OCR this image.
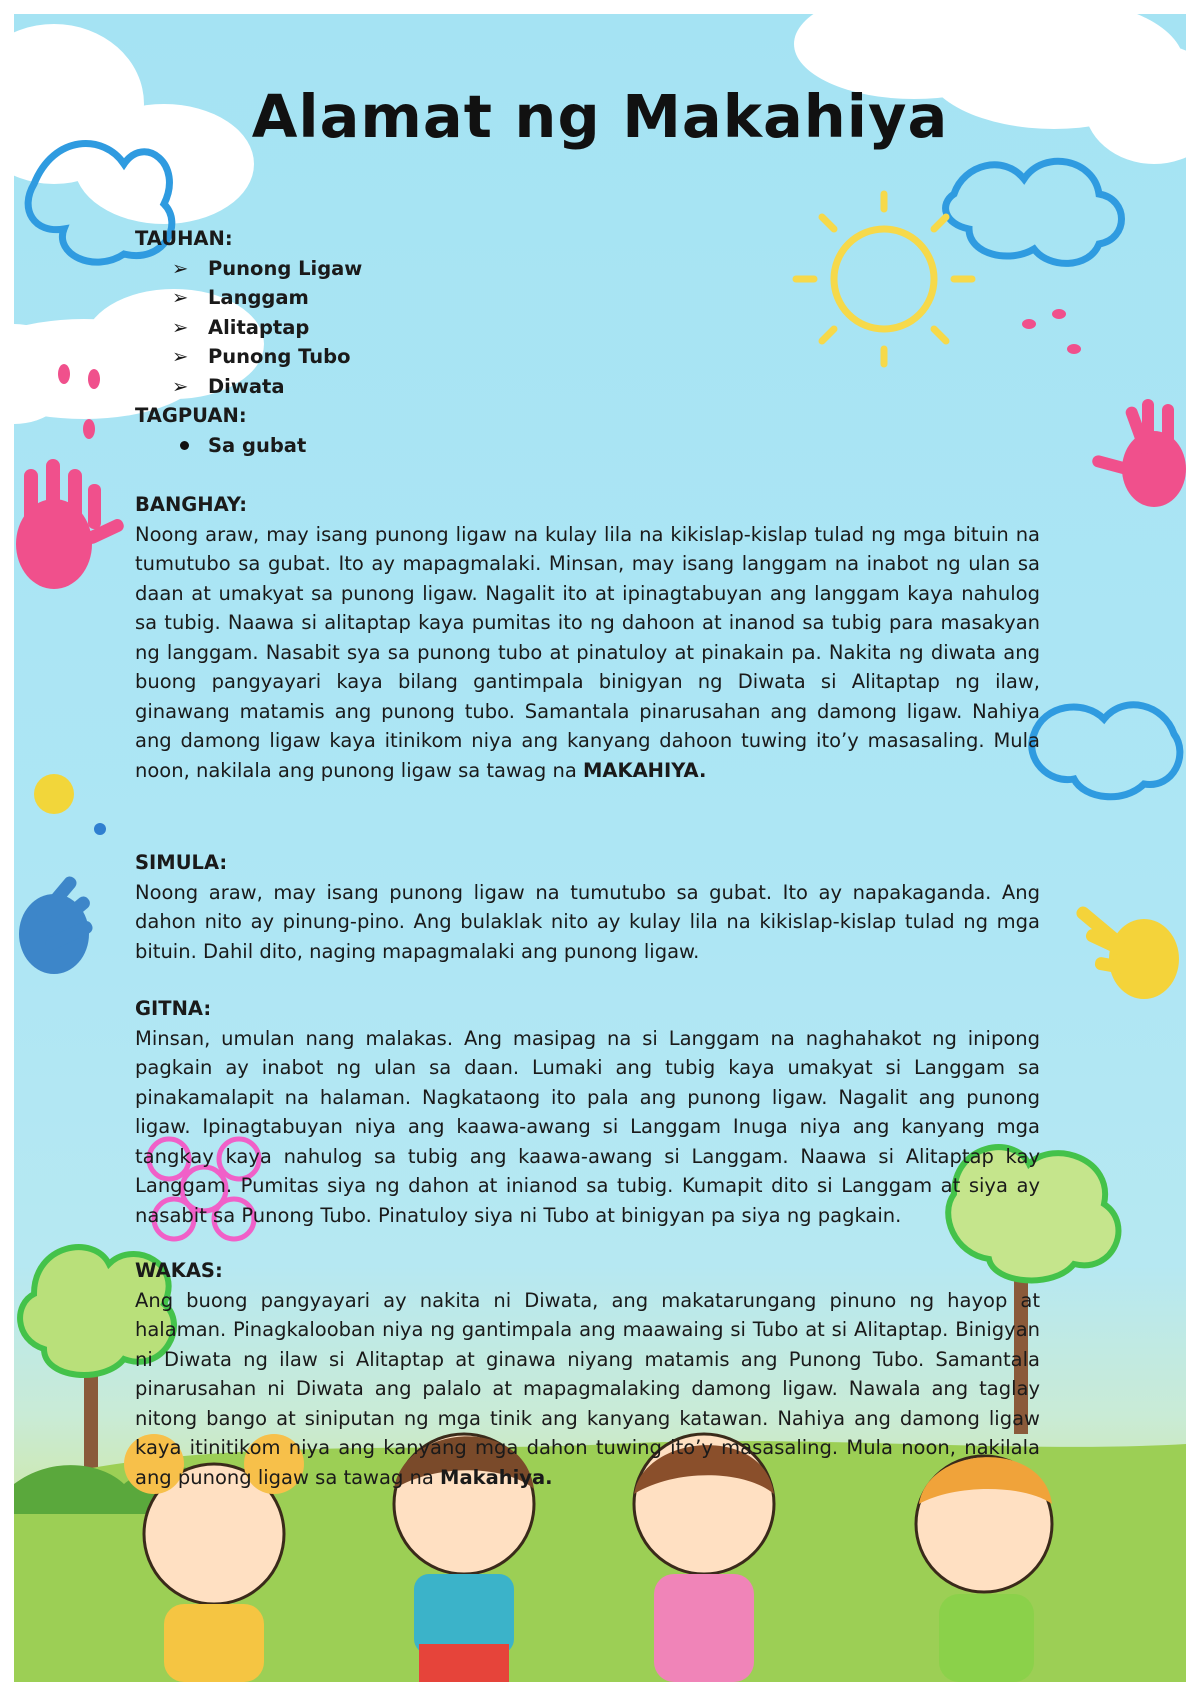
Alamat ng Makahiya
TAUHAN:
➢ Punong Ligaw
➢ Langgam
➢ Alitaptap
➢ Punong Tubo
➢ Diwata
TAGPUAN:
Sa gubat
BANGHAY:

Noong araw, may isang punong ligaw na kulay lila na kikislap-kislap tulad ng mga bituin na tumutubo sa gubat. Ito ay mapagmalaki. Minsan, may isang langgam na inabot ng ulan sa daan at umakyat sa punong ligaw. Nagalit ito at ipinagtabuyan ang langgam kaya nahulog sa tubig. Naawa si alitaptap kaya pumitas ito ng dahoon at inanod sa tubig para masakyan ng langgam. Nasabit sya sa punong tubo at pinatuloy at pinakain pa. Nakita ng diwata ang buong pangyayari kaya bilang gantimpala binigyan ng Diwata si Alitaptap ng ilaw, ginawang matamis ang punong tubo. Samantala pinarusahan ang damong ligaw. Nahiya ang damong ligaw kaya itinikom niya ang kanyang dahoon tuwing ito’y masasaling. Mula noon, nakilala ang punong ligaw sa tawag na MAKAHIYA.

SIMULA:

Noong araw, may isang punong ligaw na tumutubo sa gubat. Ito ay napakaganda. Ang dahon nito ay pinung-pino. Ang bulaklak nito ay kulay lila na kikislap-kislap tulad ng mga bituin. Dahil dito, naging mapagmalaki ang punong ligaw.

GITNA:

Minsan, umulan nang malakas. Ang masipag na si Langgam na naghahakot ng inipong pagkain ay inabot ng ulan sa daan. Lumaki ang tubig kaya umakyat si Langgam sa pinakamalapit na halaman. Nagkataong ito pala ang punong ligaw. Nagalit ang punong ligaw. Ipinagtabuyan niya ang kaawa-awang si Langgam Inuga niya ang kanyang mga tangkay kaya nahulog sa tubig ang kaawa-awang si Langgam. Naawa si Alitaptap kay Langgam. Pumitas siya ng dahon at inianod sa tubig. Kumapit dito si Langgam at siya ay nasabit sa Punong Tubo. Pinatuloy siya ni Tubo at binigyan pa siya ng pagkain.

WAKAS:

Ang buong pangyayari ay nakita ni Diwata, ang makatarungang pinuno ng hayop at halaman. Pinagkalooban niya ng gantimpala ang maawaing si Tubo at si Alitaptap. Binigyan ni Diwata ng ilaw si Alitaptap at ginawa niyang matamis ang Punong Tubo. Samantala pinarusahan ni Diwata ang palalo at mapagmalaking damong ligaw. Nawala ang taglay nitong bango at siniputan ng mga tinik ang kanyang katawan. Nahiya ang damong ligaw kaya itinitikom niya ang kanyang mga dahon tuwing ito’y masasaling. Mula noon, nakilala ang punong ligaw sa tawag na Makahiya.
